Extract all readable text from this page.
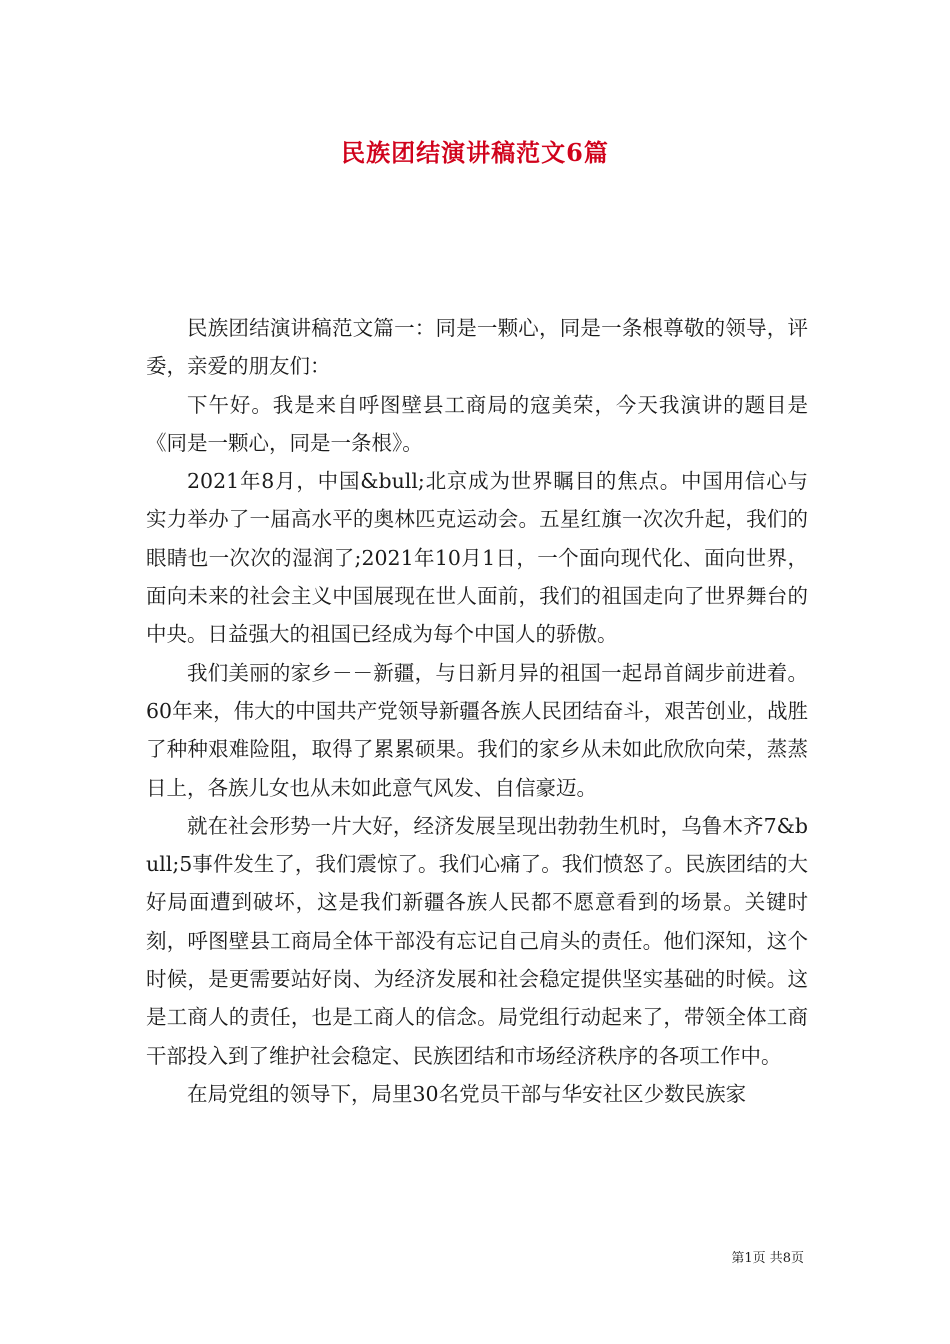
民族团结演讲稿范文6篇

民族团结演讲稿范文篇一：同是一颗心，同是一条根尊敬的领导，评委，亲爱的朋友们：

下午好。我是来自呼图壁县工商局的寇美荣，今天我演讲的题目是《同是一颗心，同是一条根》。

2021年8月，中国&bull;北京成为世界瞩目的焦点。中国用信心与实力举办了一届高水平的奥林匹克运动会。五星红旗一次次升起，我们的眼睛也一次次的湿润了;2021年10月1日，一个面向现代化、面向世界，面向未来的社会主义中国展现在世人面前，我们的祖国走向了世界舞台的中央。日益强大的祖国已经成为每个中国人的骄傲。

我们美丽的家乡－－新疆，与日新月异的祖国一起昂首阔步前进着。60年来，伟大的中国共产党领导新疆各族人民团结奋斗，艰苦创业，战胜了种种艰难险阻，取得了累累硕果。我们的家乡从未如此欣欣向荣，蒸蒸日上，各族儿女也从未如此意气风发、自信豪迈。

就在社会形势一片大好，经济发展呈现出勃勃生机时，乌鲁木齐7&bull;5事件发生了，我们震惊了。我们心痛了。我们愤怒了。民族团结的大好局面遭到破坏，这是我们新疆各族人民都不愿意看到的场景。关键时刻，呼图壁县工商局全体干部没有忘记自己肩头的责任。他们深知，这个时候，是更需要站好岗、为经济发展和社会稳定提供坚实基础的时候。这是工商人的责任，也是工商人的信念。局党组行动起来了，带领全体工商干部投入到了维护社会稳定、民族团结和市场经济秩序的各项工作中。

在局党组的领导下，局里30名党员干部与华安社区少数民族家

第1页 共8页
